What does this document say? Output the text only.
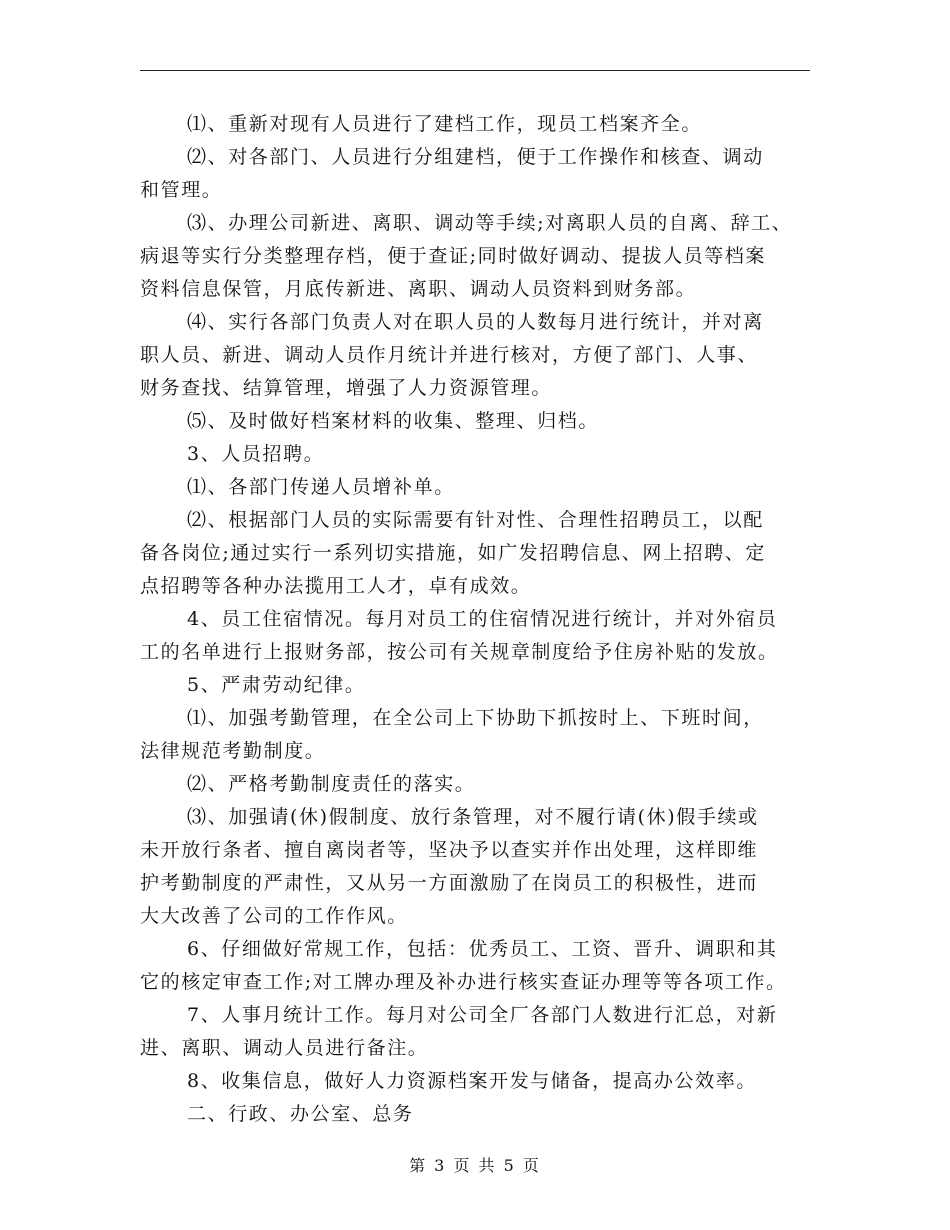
⑴、重新对现有人员进行了建档工作，现员工档案齐全。
⑵、对各部门、人员进行分组建档，便于工作操作和核查、调动
和管理。
⑶、办理公司新进、离职、调动等手续;对离职人员的自离、辞工、
病退等实行分类整理存档，便于查证;同时做好调动、提拔人员等档案
资料信息保管，月底传新进、离职、调动人员资料到财务部。
⑷、实行各部门负责人对在职人员的人数每月进行统计，并对离
职人员、新进、调动人员作月统计并进行核对，方便了部门、人事、
财务查找、结算管理，增强了人力资源管理。
⑸、及时做好档案材料的收集、整理、归档。
3、人员招聘。
⑴、各部门传递人员增补单。
⑵、根据部门人员的实际需要有针对性、合理性招聘员工，以配
备各岗位;通过实行一系列切实措施，如广发招聘信息、网上招聘、定
点招聘等各种办法揽用工人才，卓有成效。
4、员工住宿情况。每月对员工的住宿情况进行统计，并对外宿员
工的名单进行上报财务部，按公司有关规章制度给予住房补贴的发放。
5、严肃劳动纪律。
⑴、加强考勤管理，在全公司上下协助下抓按时上、下班时间，
法律规范考勤制度。
⑵、严格考勤制度责任的落实。
⑶、加强请(休)假制度、放行条管理，对不履行请(休)假手续或
未开放行条者、擅自离岗者等，坚决予以查实并作出处理，这样即维
护考勤制度的严肃性，又从另一方面激励了在岗员工的积极性，进而
大大改善了公司的工作作风。
6、仔细做好常规工作，包括：优秀员工、工资、晋升、调职和其
它的核定审查工作;对工牌办理及补办进行核实查证办理等等各项工作。
7、人事月统计工作。每月对公司全厂各部门人数进行汇总，对新
进、离职、调动人员进行备注。
8、收集信息，做好人力资源档案开发与储备，提高办公效率。
二、行政、办公室、总务
第 3 页 共 5 页
